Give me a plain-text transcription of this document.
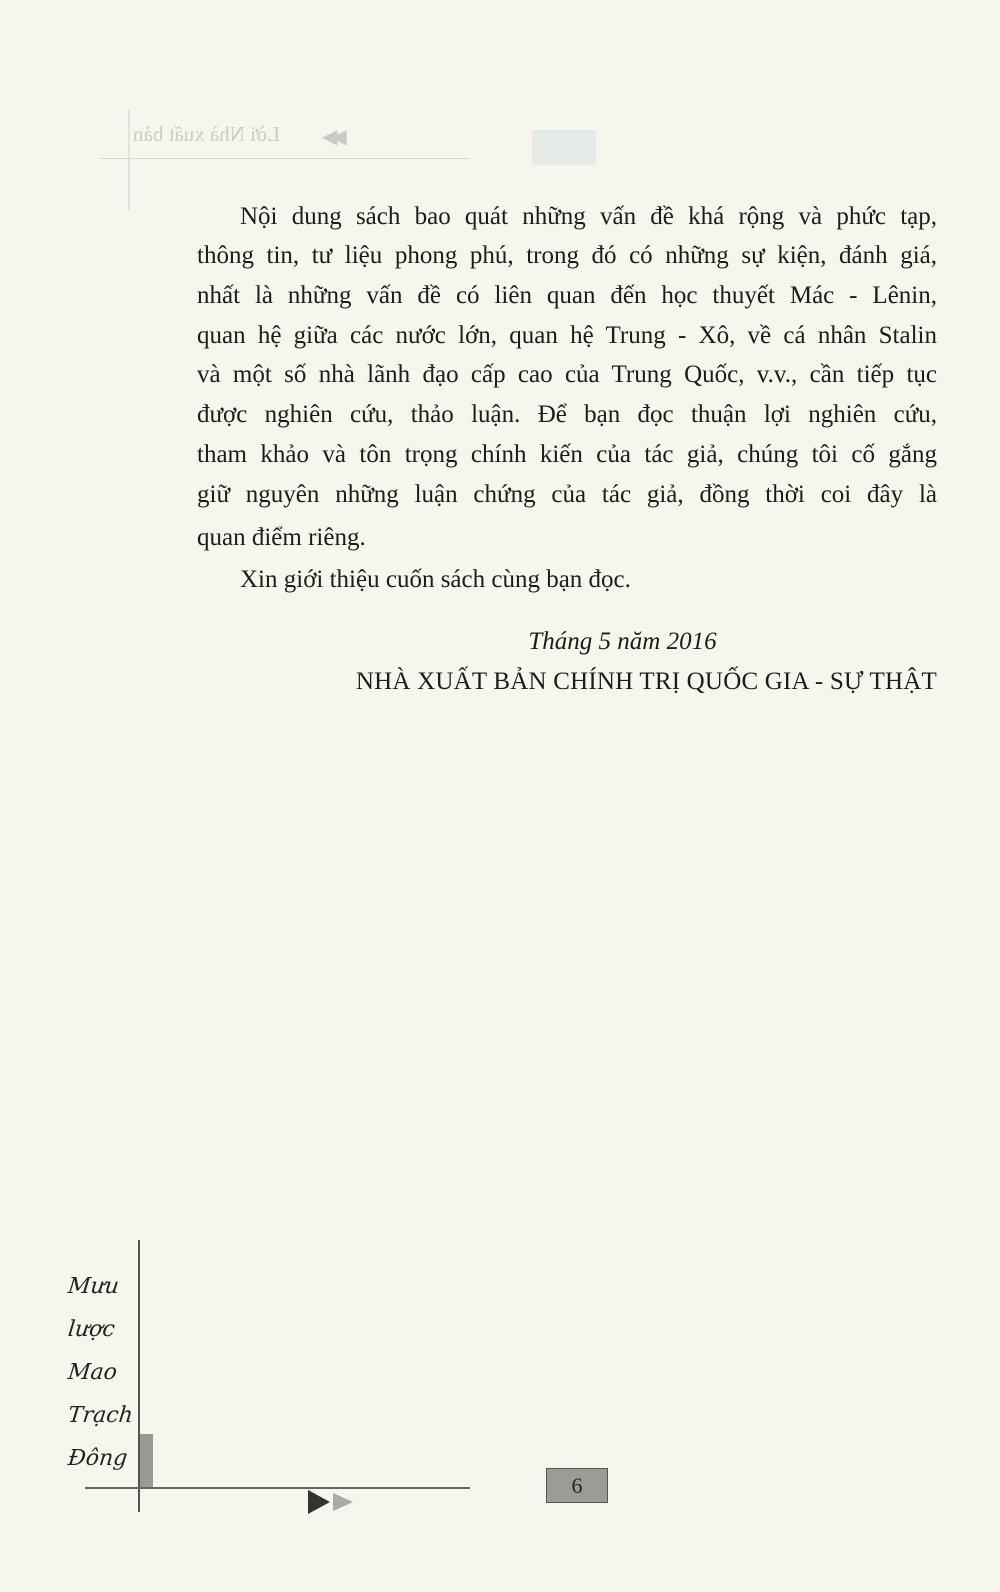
Lời Nhà xuất bản ▶▶
Nội dung sách bao quát những vấn đề khá rộng và phức tạp,
thông tin, tư liệu phong phú, trong đó có những sự kiện, đánh giá,
nhất là những vấn đề có liên quan đến học thuyết Mác - Lênin,
quan hệ giữa các nước lớn, quan hệ Trung - Xô, về cá nhân Stalin
và một số nhà lãnh đạo cấp cao của Trung Quốc, v.v., cần tiếp tục
được nghiên cứu, thảo luận. Để bạn đọc thuận lợi nghiên cứu,
tham khảo và tôn trọng chính kiến của tác giả, chúng tôi cố gắng
giữ nguyên những luận chứng của tác giả, đồng thời coi đây là
quan điểm riêng.
Xin giới thiệu cuốn sách cùng bạn đọc.
Tháng 5 năm 2016
NHÀ XUẤT BẢN CHÍNH TRỊ QUỐC GIA - SỰ THẬT
Mưu
lược
Mao
Trạch
Đông
6
